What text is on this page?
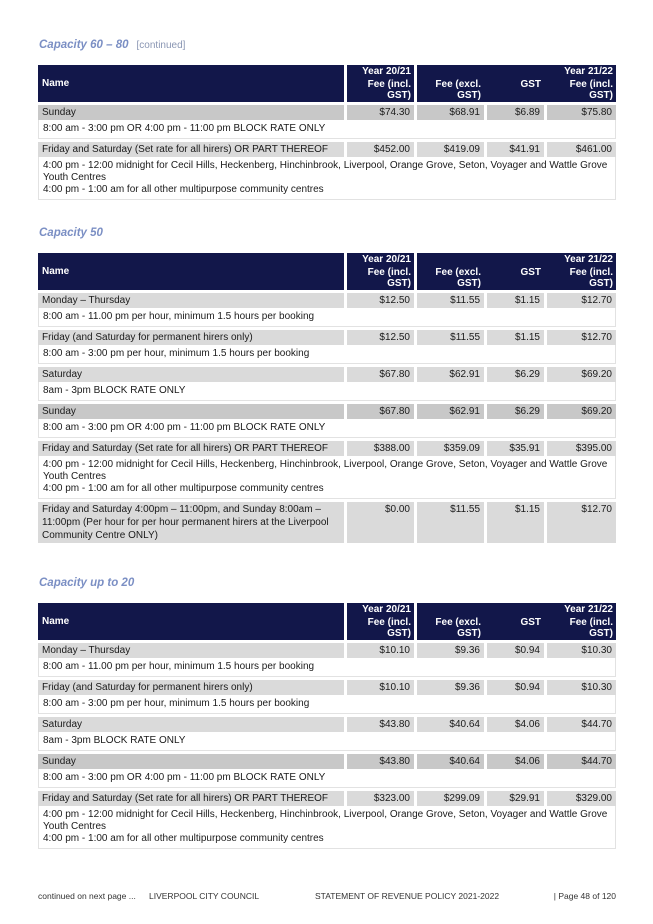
Capacity 60 – 80 [continued]
Name	Year 20/21	Year 21/22		
	Fee (incl. GST)	Fee (excl. GST)	GST	Fee (incl. GST)
Sunday	$74.30	$68.91	$6.89	$75.80

8:00 am - 3:00 pm OR 4:00 pm - 11:00 pm BLOCK RATE ONLY				

Friday and Saturday (Set rate for all hirers) OR PART THEREOF	$452.00	$419.09	$41.91	$461.00

4:00 pm - 12:00 midnight for Cecil Hills, Heckenberg, Hinchinbrook, Liverpool, Orange Grove, Seton, Voyager and Wattle Grove Youth Centres
4:00 pm - 1:00 am for all other multipurpose community centres				
Capacity 50
Name	Year 20/21	Year 21/22		
	Fee (incl. GST)	Fee (excl. GST)	GST	Fee (incl. GST)
Monday – Thursday	$12.50	$11.55	$1.15	$12.70

8:00 am - 11.00 pm per hour, minimum 1.5 hours per booking				

Friday (and Saturday for permanent hirers only)	$12.50	$11.55	$1.15	$12.70

8:00 am - 3:00 pm per hour, minimum 1.5 hours per booking				

Saturday	$67.80	$62.91	$6.29	$69.20

8am - 3pm BLOCK RATE ONLY				

Sunday	$67.80	$62.91	$6.29	$69.20

8:00 am - 3:00 pm OR 4:00 pm - 11:00 pm BLOCK RATE ONLY				

Friday and Saturday (Set rate for all hirers) OR PART THEREOF	$388.00	$359.09	$35.91	$395.00

4:00 pm - 12:00 midnight for Cecil Hills, Heckenberg, Hinchinbrook, Liverpool, Orange Grove, Seton, Voyager and Wattle Grove Youth Centres
4:00 pm - 1:00 am for all other multipurpose community centres				

Friday and Saturday 4:00pm – 11:00pm, and Sunday 8:00am – 11:00pm (Per hour for per hour permanent hirers at the Liverpool Community Centre ONLY)	$0.00	$11.55	$1.15	$12.70
Capacity up to 20
Name	Year 20/21	Year 21/22		
	Fee (incl. GST)	Fee (excl. GST)	GST	Fee (incl. GST)
Monday – Thursday	$10.10	$9.36	$0.94	$10.30

8:00 am - 11.00 pm per hour, minimum 1.5 hours per booking				

Friday (and Saturday for permanent hirers only)	$10.10	$9.36	$0.94	$10.30

8:00 am - 3:00 pm per hour, minimum 1.5 hours per booking				

Saturday	$43.80	$40.64	$4.06	$44.70

8am - 3pm BLOCK RATE ONLY				

Sunday	$43.80	$40.64	$4.06	$44.70

8:00 am - 3:00 pm OR 4:00 pm - 11:00 pm BLOCK RATE ONLY				

Friday and Saturday (Set rate for all hirers) OR PART THEREOF	$323.00	$299.09	$29.91	$329.00

4:00 pm - 12:00 midnight for Cecil Hills, Heckenberg, Hinchinbrook, Liverpool, Orange Grove, Seton, Voyager and Wattle Grove Youth Centres
4:00 pm - 1:00 am for all other multipurpose community centres				
continued on next page ... LIVERPOOL CITY COUNCIL	STATEMENT OF REVENUE POLICY 2021-2022	| Page 48 of 120
